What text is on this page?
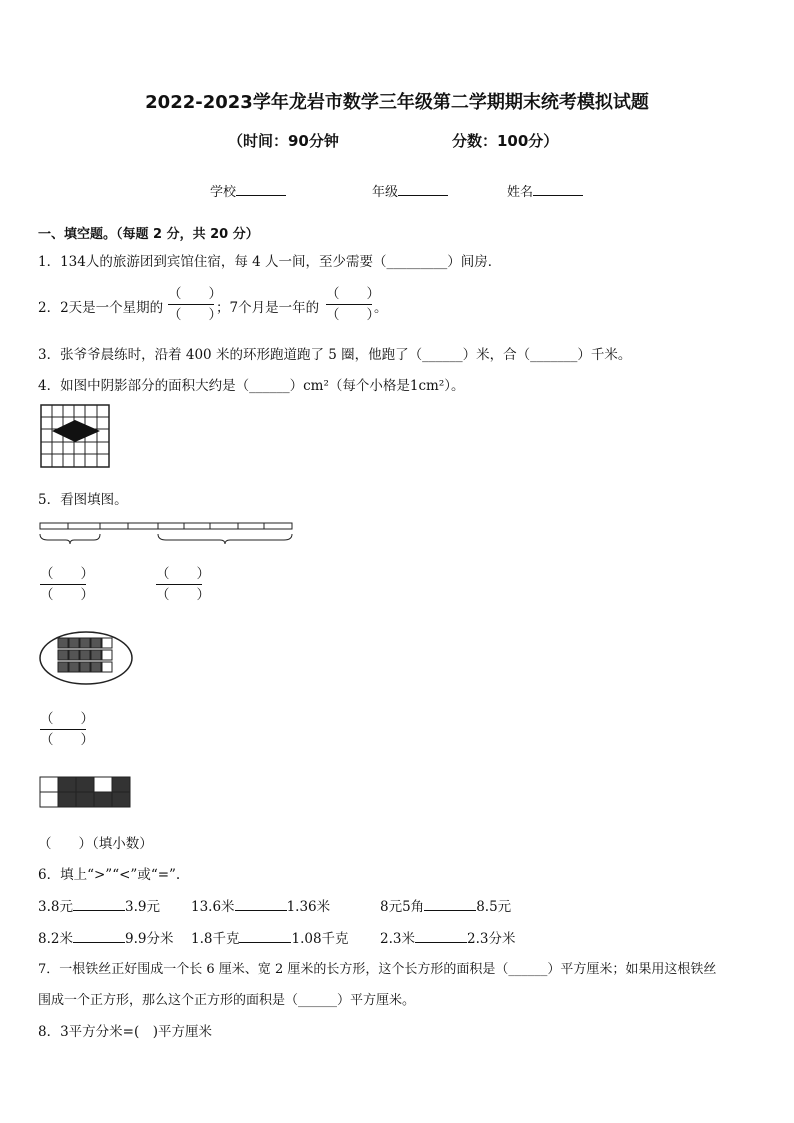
2022-2023学年龙岩市数学三年级第二学期期末统考模拟试题
（时间：90分钟	分数：100分）
学校	年级	姓名
一、填空题。（每题 2 分，共 20 分）
1．134人的旅游团到宾馆住宿，每 4 人一间，至少需要（_________）间房．
2．2天是一个星期的
（　　）
（　　）
；7个月是一年的
（　　）
（　　）
。
3．张爷爷晨练时，沿着 400 米的环形跑道跑了 5 圈，他跑了（______）米，合（_______）千米。
4．如图中阴影部分的面积大约是（______）cm²（每个小格是1cm²）。
5．看图填图。
（　　）
（　　）
（　　）
（　　）
（　　）
（　　）
（　　）（填小数）
6．填上“>”“<”或“=”.
3.8元	3.9元 13.6米	1.36米	8元5角	8.5元
8.2米	9.9分米 1.8千克	1.08千克 2.3米	2.3分米
7．一根铁丝正好围成一个长 6 厘米、宽 2 厘米的长方形，这个长方形的面积是（______）平方厘米；如果用这根铁丝
围成一个正方形，那么这个正方形的面积是（______）平方厘米。
8．3平方分米=(　)平方厘米
